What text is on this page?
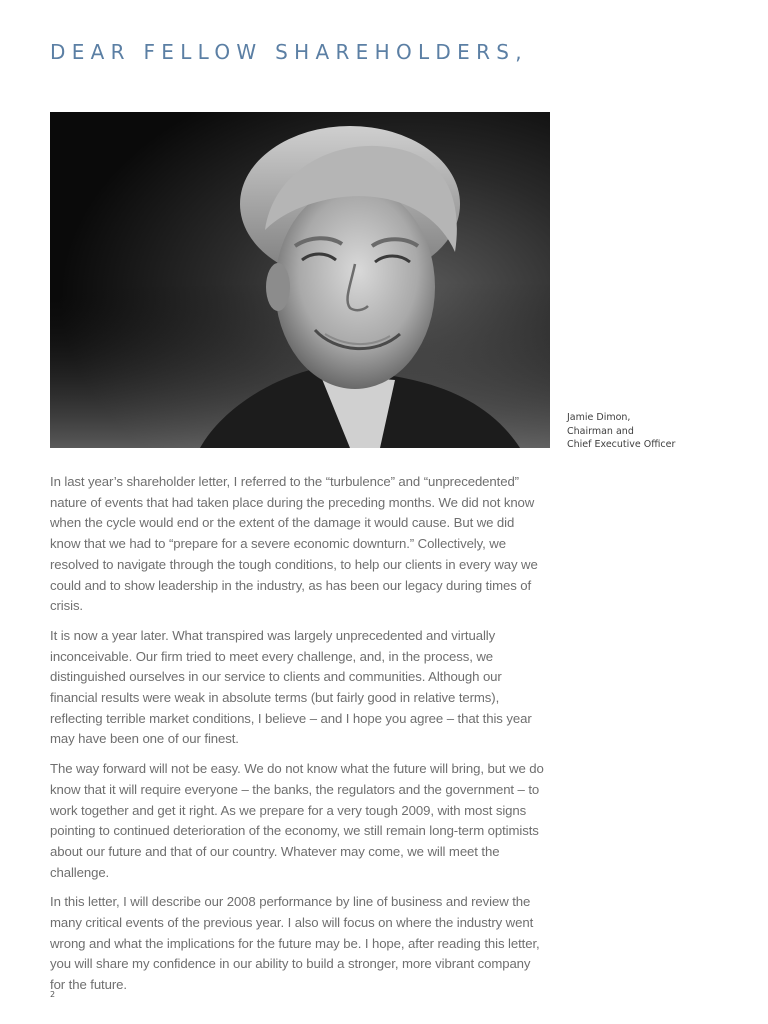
DEAR FELLOW SHAREHOLDERS,
Jamie Dimon,
Chairman and
Chief Executive Officer

In last year’s shareholder letter, I referred to the “turbulence” and “unprecedented” nature of events that had taken place during the preceding months. We did not know when the cycle would end or the extent of the damage it would cause. But we did know that we had to “prepare for a severe economic downturn.” Collectively, we resolved to navigate through the tough conditions, to help our clients in every way we could and to show leadership in the industry, as has been our legacy during times of crisis.

It is now a year later. What transpired was largely unprecedented and virtually inconceivable. Our firm tried to meet every challenge, and, in the process, we distinguished ourselves in our service to clients and communities. Although our financial results were weak in absolute terms (but fairly good in relative terms), reflecting terrible market conditions, I believe – and I hope you agree – that this year may have been one of our finest.

The way forward will not be easy. We do not know what the future will bring, but we do know that it will require everyone – the banks, the regulators and the government – to work together and get it right. As we prepare for a very tough 2009, with most signs pointing to continued deterioration of the economy, we still remain long-term optimists about our future and that of our country. Whatever may come, we will meet the challenge.

In this letter, I will describe our 2008 performance by line of business and review the many critical events of the previous year. I also will focus on where the industry went wrong and what the implications for the future may be. I hope, after reading this letter, you will share my confidence in our ability to build a stronger, more vibrant company for the future.

2
